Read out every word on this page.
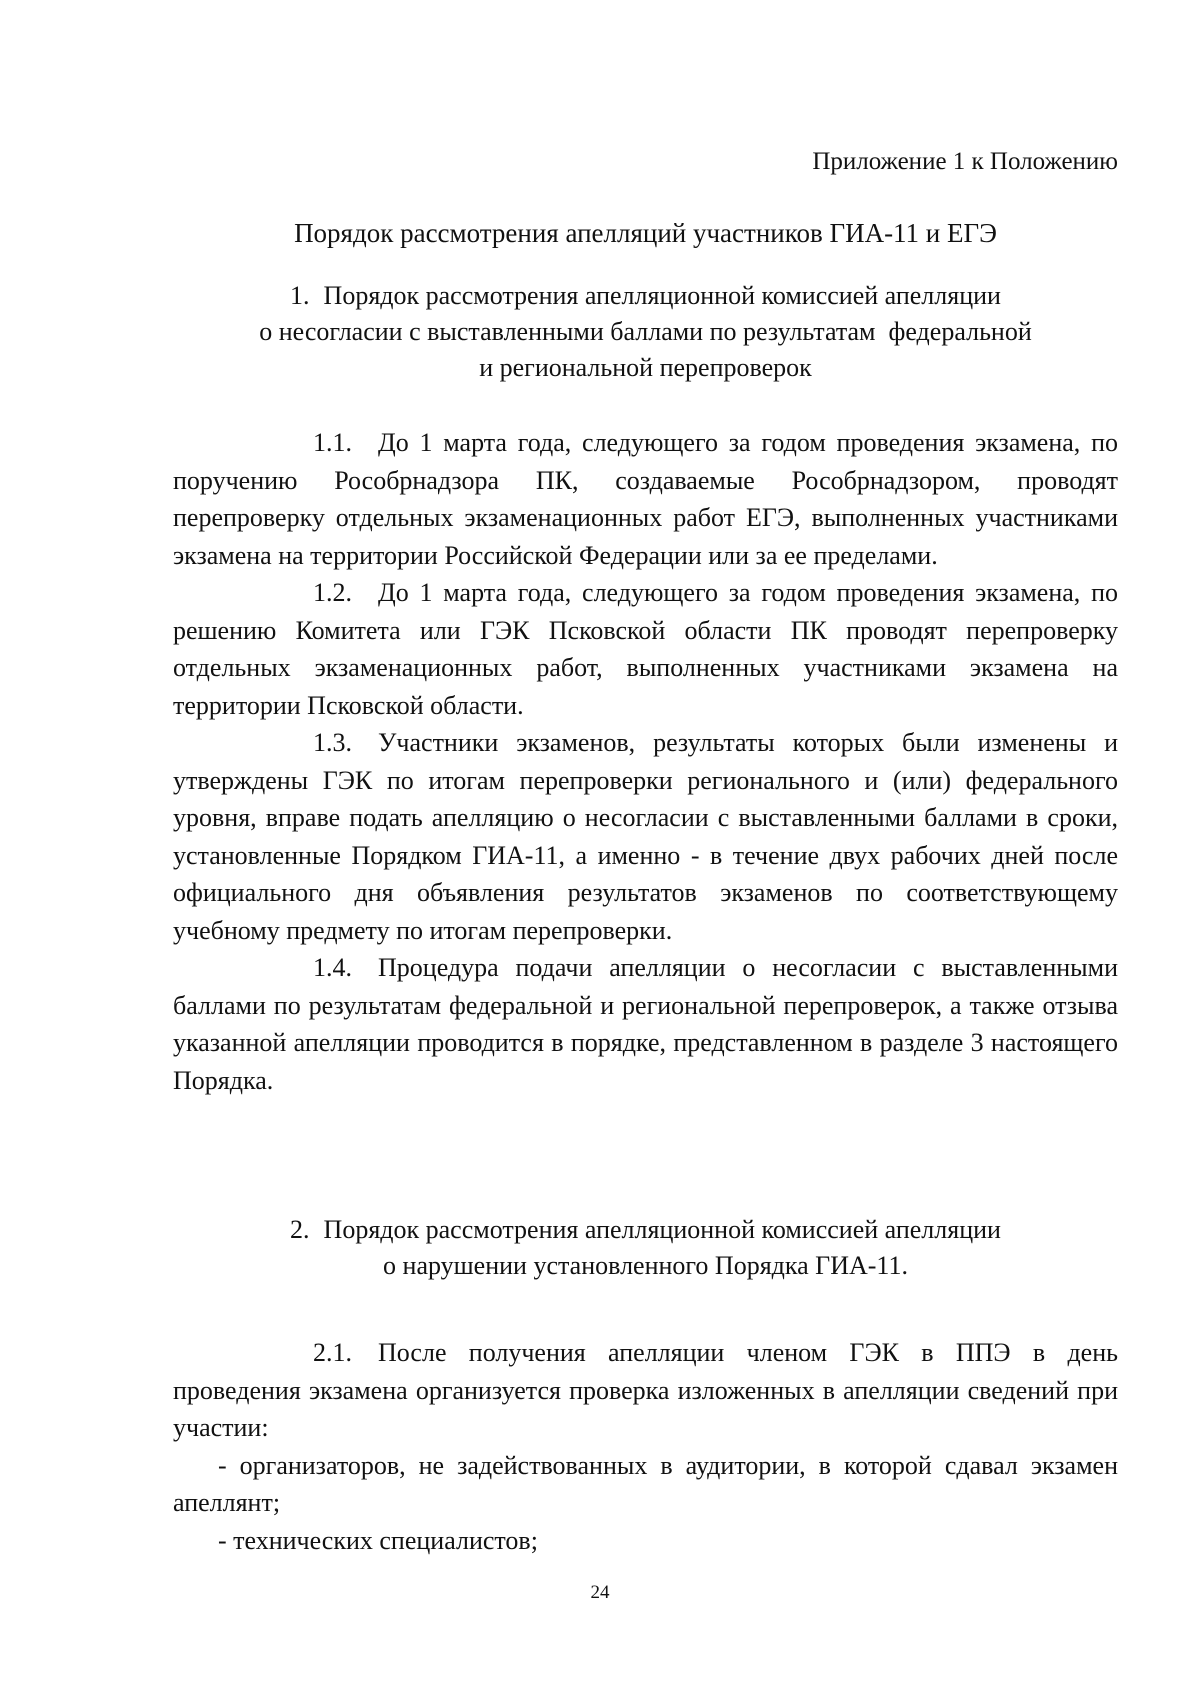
Приложение 1 к Положению
Порядок рассмотрения апелляций участников ГИА-11 и ЕГЭ
1. Порядок рассмотрения апелляционной комиссией апелляции
о несогласии с выставленными баллами по результатам  федеральной
и региональной перепроверок

1.1. До 1 марта года, следующего за годом проведения экзамена, по поручению Рособрнадзора ПК, создаваемые Рособрнадзором, проводят перепроверку отдельных экзаменационных работ ЕГЭ, выполненных участниками экзамена на территории Российской Федерации или за ее пределами.

1.2. До 1 марта года, следующего за годом проведения экзамена, по решению Комитета или ГЭК Псковской области ПК проводят перепроверку отдельных экзаменационных работ, выполненных участниками экзамена на территории Псковской области.

1.3. Участники экзаменов, результаты которых были изменены и утверждены ГЭК по итогам перепроверки регионального и (или) федерального уровня, вправе подать апелляцию о несогласии с выставленными баллами в сроки, установленные Порядком ГИА-11, а именно - в течение двух рабочих дней после официального дня объявления результатов экзаменов по соответствующему учебному предмету по итогам перепроверки.

1.4. Процедура подачи апелляции о несогласии с выставленными баллами по результатам федеральной и региональной перепроверок, а также отзыва указанной апелляции проводится в порядке, представленном в разделе 3 настоящего Порядка.

2. Порядок рассмотрения апелляционной комиссией апелляции
о нарушении установленного Порядка ГИА-11.

2.1. После получения апелляции членом ГЭК в ППЭ в день проведения экзамена организуется проверка изложенных в апелляции сведений при участии:

- организаторов, не задействованных в аудитории, в которой сдавал экзамен апеллянт;

- технических специалистов;

24
